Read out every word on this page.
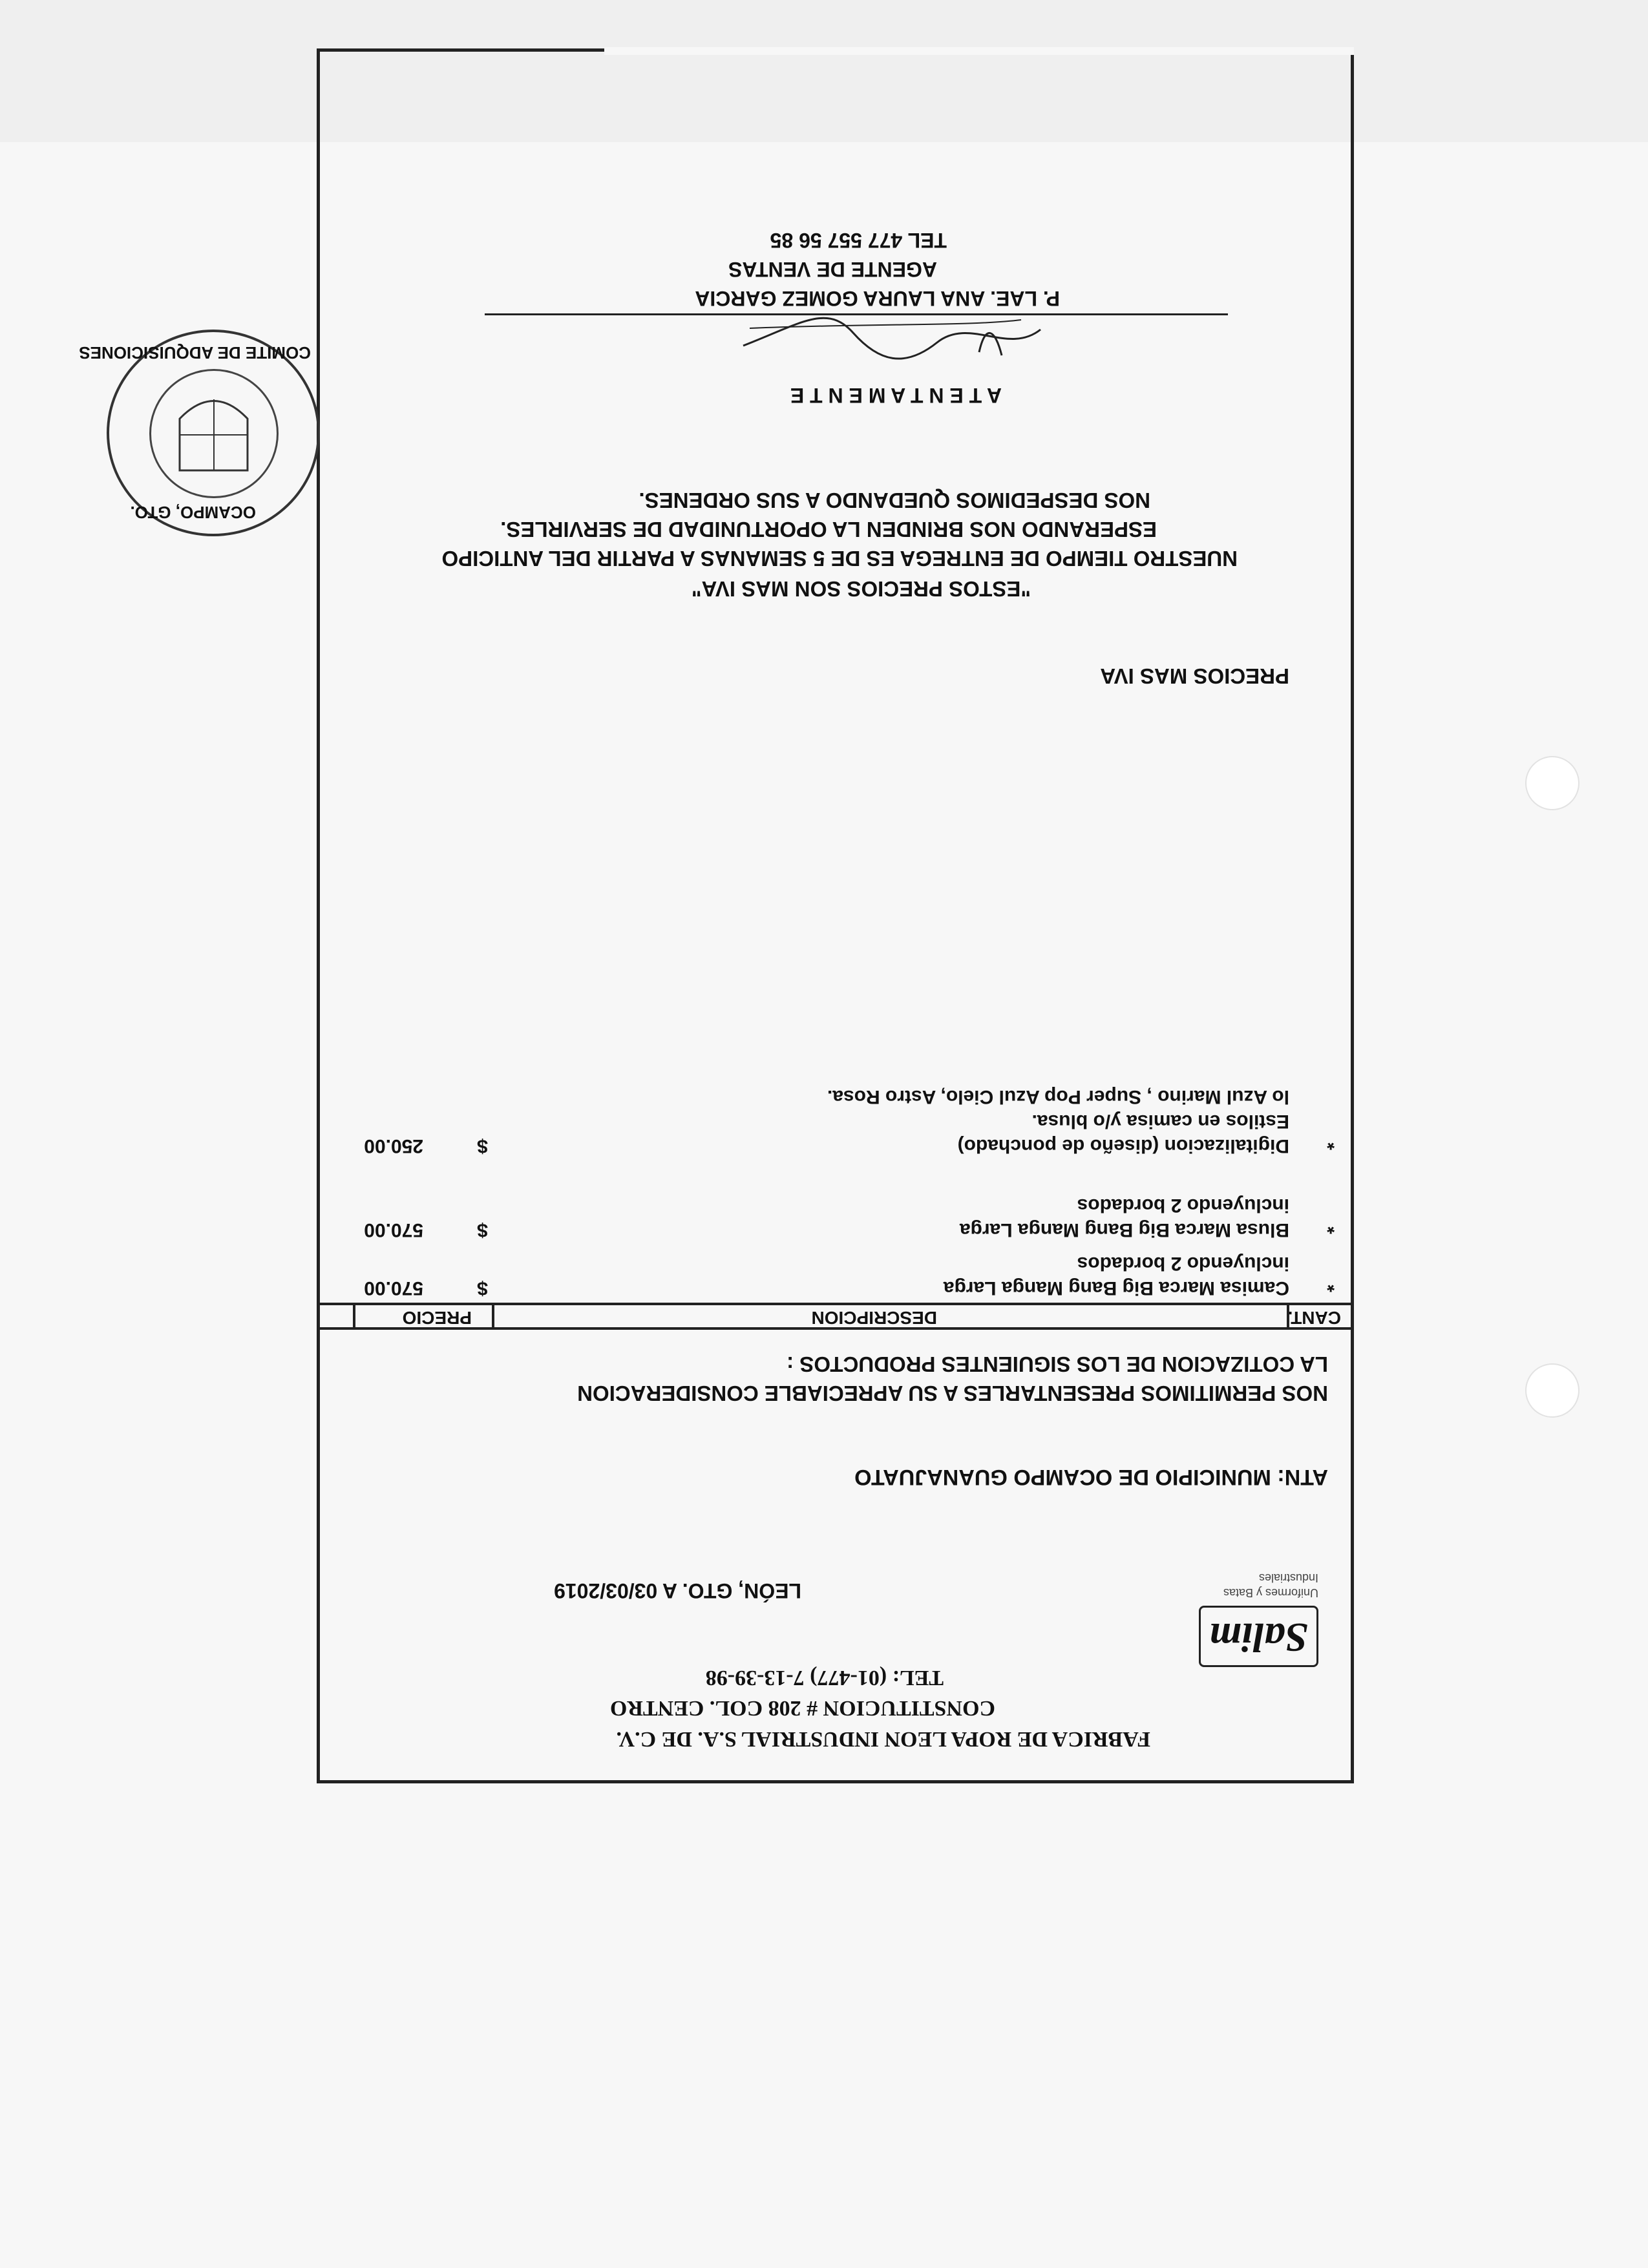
Salim
Uniformes y Batas
Industriales
FABRICA DE ROPA LEON INDUSTRIAL S.A. DE C.V.
CONSTITUCION # 208 COL. CENTRO
TEL: (01-477) 7-13-39-98
LEÓN, GTO. A 03/03/2019
ATN: MUNICIPIO DE OCAMPO GUANAJUATO
NOS PERMITIMOS PRESENTARLES A SU APRECIABLE CONSIDERACION
LA COTIZACION DE LOS SIGUIENTES PRODUCTOS :
CANT.
DESCRIPCION
PRECIO
*
Camisa Marca Big Bang Manga Larga
incluyendo 2 bordados
$
570.00
*
Blusa Marca Big Bang Manga Larga
incluyendo 2 bordados
$
570.00
*
Digitalizacion (diseño de ponchado)
Estilos en camisa y/o blusa.
lo Azul Marino , Super Pop Azul Cielo, Astro Rosa.
$
250.00
PRECIOS MAS IVA
"ESTOS PRECIOS SON MAS IVA"
NUESTRO TIEMPO DE ENTREGA ES DE 5 SEMANAS A PARTIR DEL ANTICIPO
ESPERANDO NOS BRINDEN LA OPORTUNIDAD DE SERVIRLES.
NOS DESPEDIMOS QUEDANDO A SUS ORDENES.
A T E N T A M E N T E
P. LAE. ANA LAURA GOMEZ GARCIA
AGENTE DE VENTAS
TEL 477 557 56 85
COMITE DE ADQUISICIONES
OCAMPO, GTO.
